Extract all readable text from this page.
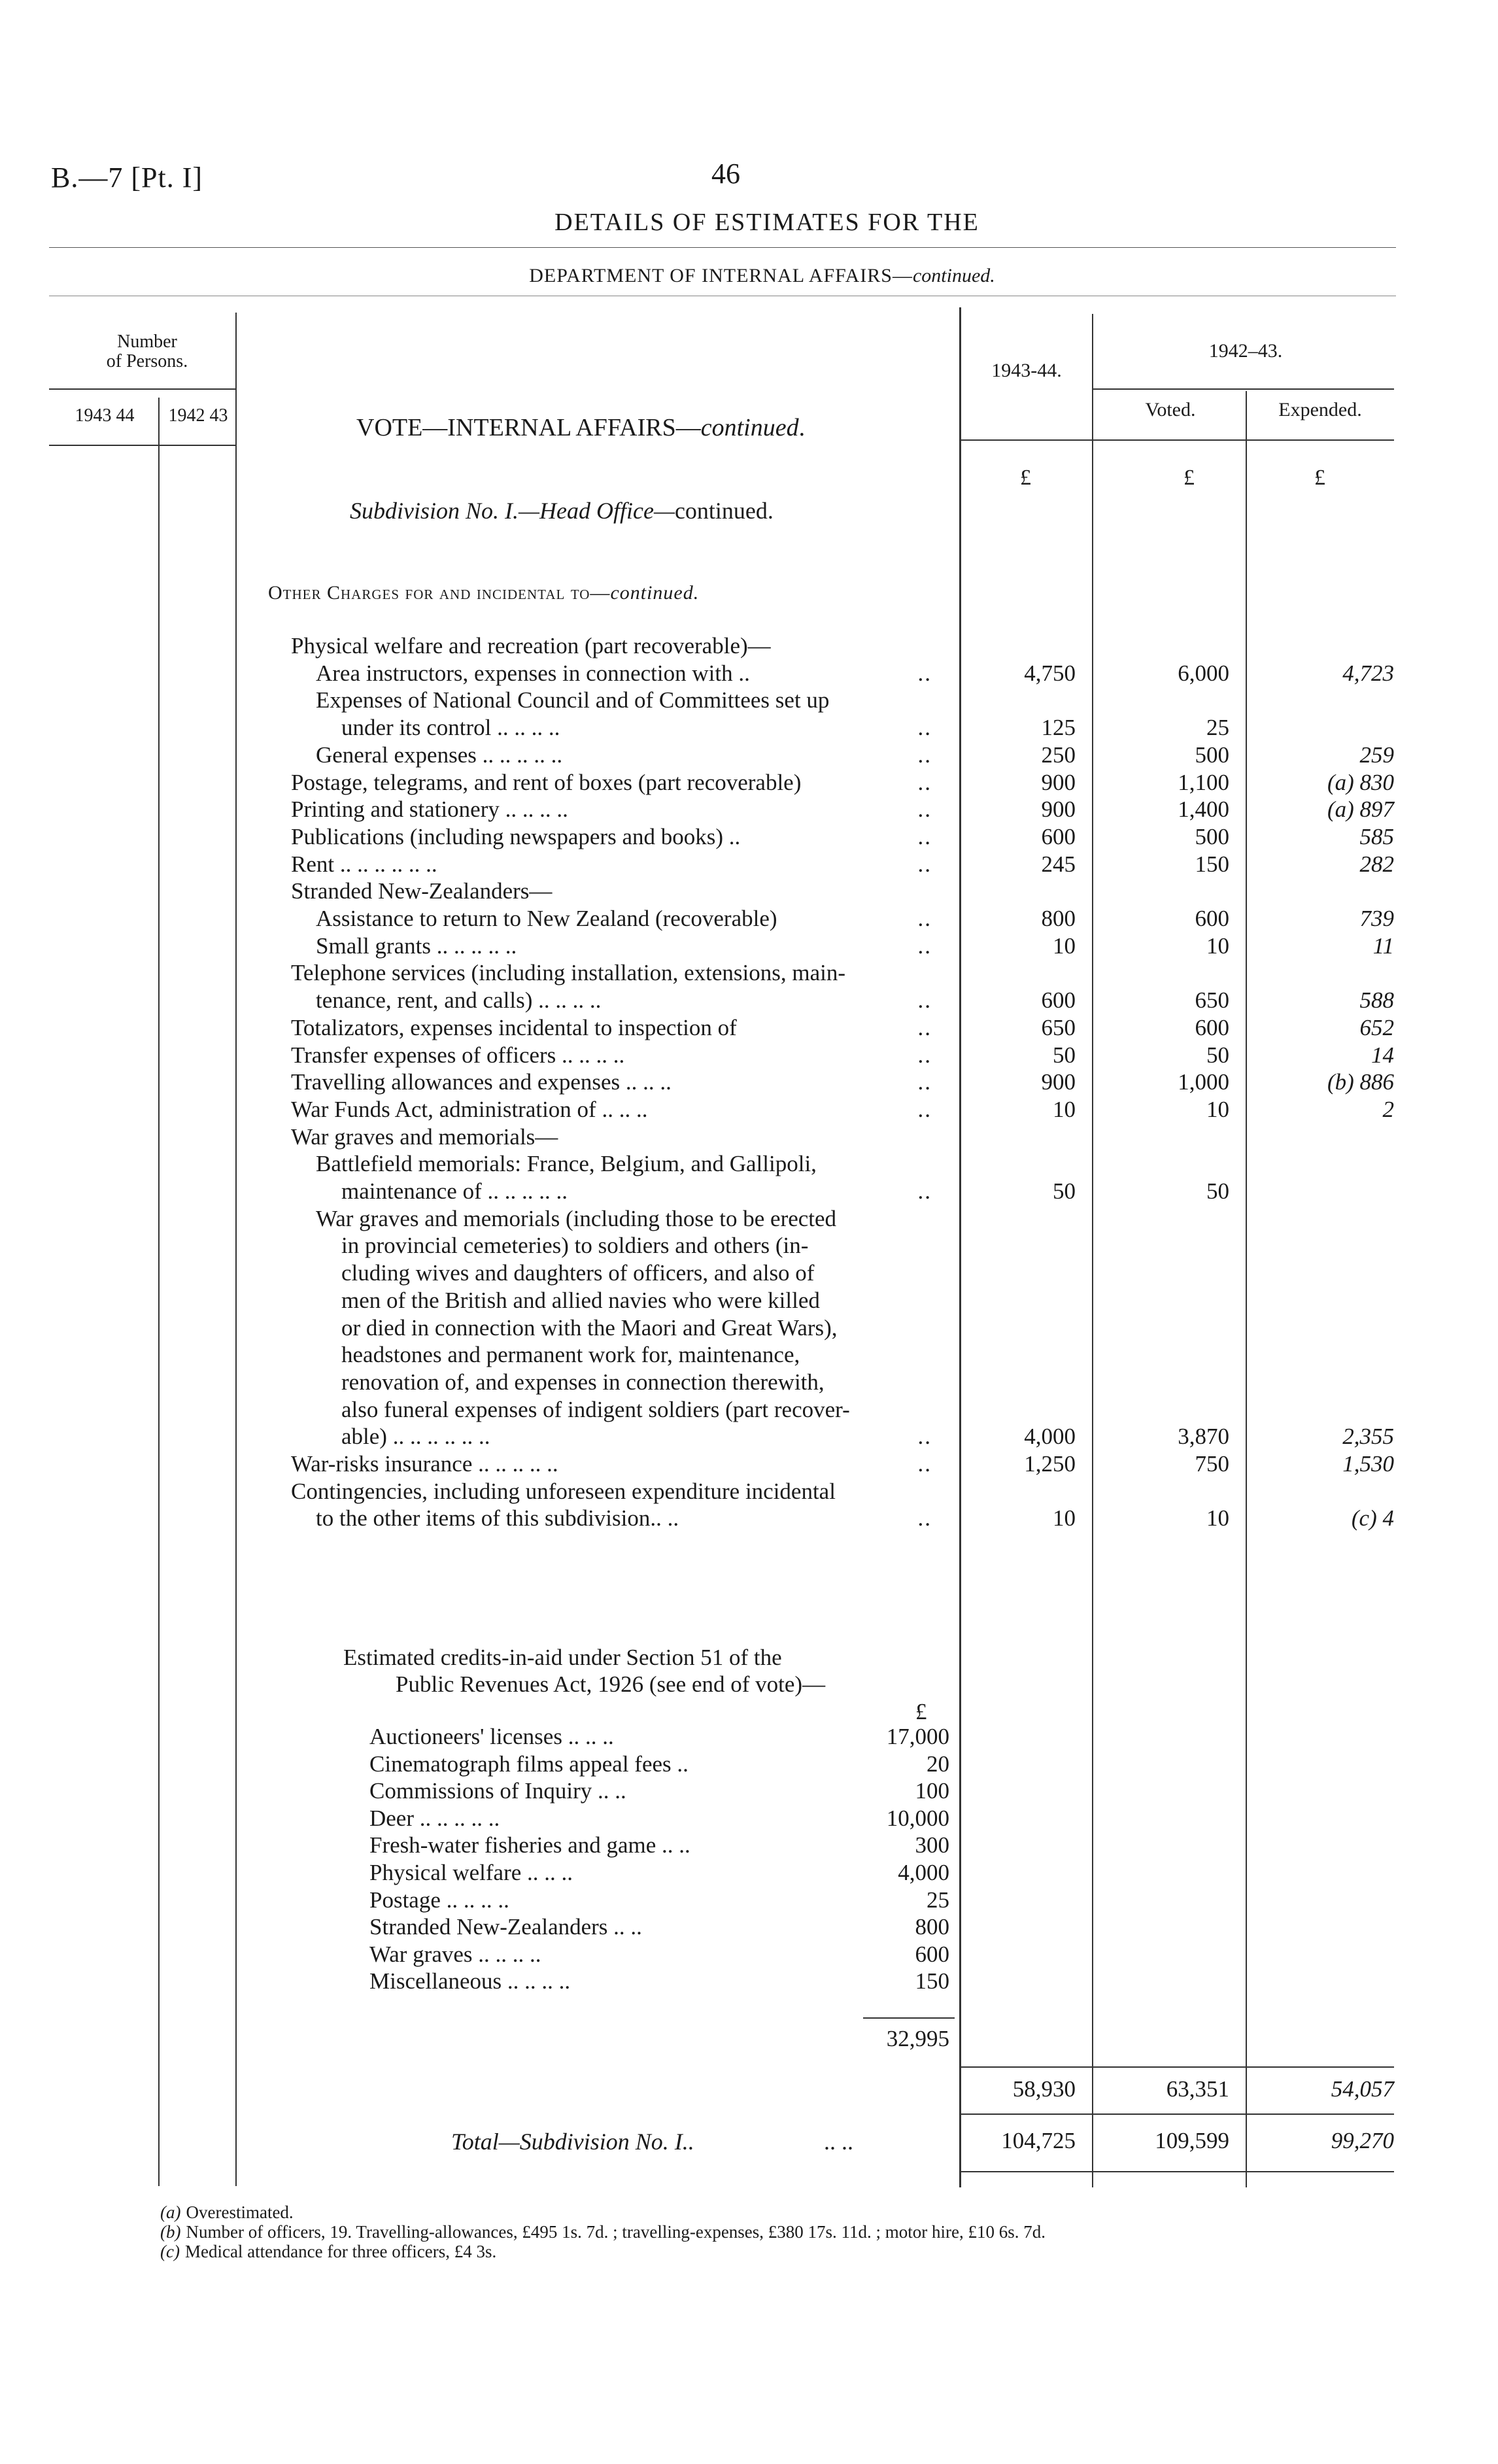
B.—7 [Pt. I]	46
DETAILS OF ESTIMATES FOR THE
DEPARTMENT OF INTERNAL AFFAIRS—continued.
Number
of Persons.
1943 44	1942 43
1943-44.
1942–43.
Voted.	Expended.
£	£	£
VOTE—INTERNAL AFFAIRS—continued.
Subdivision No. I.—Head Office—continued.
Other Charges for and incidental to—continued.
Physical welfare and recreation (part recoverable)—
Area instructors, expenses in connection with ..	..	4,750	6,000	4,723
Expenses of National Council and of Committees set up
under its control .. .. .. ..	..	125	25
General expenses .. .. .. .. ..	..	250	500	259
Postage, telegrams, and rent of boxes (part recoverable)	..	900	1,100	(a) 830
Printing and stationery .. .. .. ..	..	900	1,400	(a) 897
Publications (including newspapers and books) ..	..	600	500	585
Rent .. .. .. .. .. ..	..	245	150	282
Stranded New-Zealanders—
Assistance to return to New Zealand (recoverable)	..	800	600	739
Small grants .. .. .. .. ..	..	10	10	11
Telephone services (including installation, extensions, main-
tenance, rent, and calls) .. .. .. ..	..	600	650	588
Totalizators, expenses incidental to inspection of	..	650	600	652
Transfer expenses of officers .. .. .. ..	..	50	50	14
Travelling allowances and expenses .. .. ..	..	900	1,000	(b) 886
War Funds Act, administration of .. .. ..	..	10	10	2
War graves and memorials—
Battlefield memorials: France, Belgium, and Gallipoli,
maintenance of .. .. .. .. ..	..	50	50
War graves and memorials (including those to be erected
in provincial cemeteries) to soldiers and others (in-
cluding wives and daughters of officers, and also of
men of the British and allied navies who were killed
or died in connection with the Maori and Great Wars),
headstones and permanent work for, maintenance,
renovation of, and expenses in connection therewith,
also funeral expenses of indigent soldiers (part recover-
able) .. .. .. .. .. ..	..	4,000	3,870	2,355
War-risks insurance .. .. .. .. ..	..	1,250	750	1,530
Contingencies, including unforeseen expenditure incidental
to the other items of this subdivision.. ..	..	10	10	(c) 4
Estimated credits-in-aid under Section 51 of the
Public Revenues Act, 1926 (see end of vote)—
£
Auctioneers' licenses .. .. ..	17,000
Cinematograph films appeal fees ..	20
Commissions of Inquiry .. ..	100
Deer .. .. .. .. ..	10,000
Fresh-water fisheries and game .. ..	300
Physical welfare .. .. ..	4,000
Postage .. .. .. ..	25
Stranded New-Zealanders .. ..	800
War graves .. .. .. ..	600
Miscellaneous .. .. .. ..	150
32,995
58,930	63,351	54,057
Total—Subdivision No. I..	.. ..	104,725	109,599	99,270
(a) Overestimated.
(b) Number of officers, 19. Travelling-allowances, £495 1s. 7d. ; travelling-expenses, £380 17s. 11d. ; motor hire, £10 6s. 7d.
(c) Medical attendance for three officers, £4 3s.
